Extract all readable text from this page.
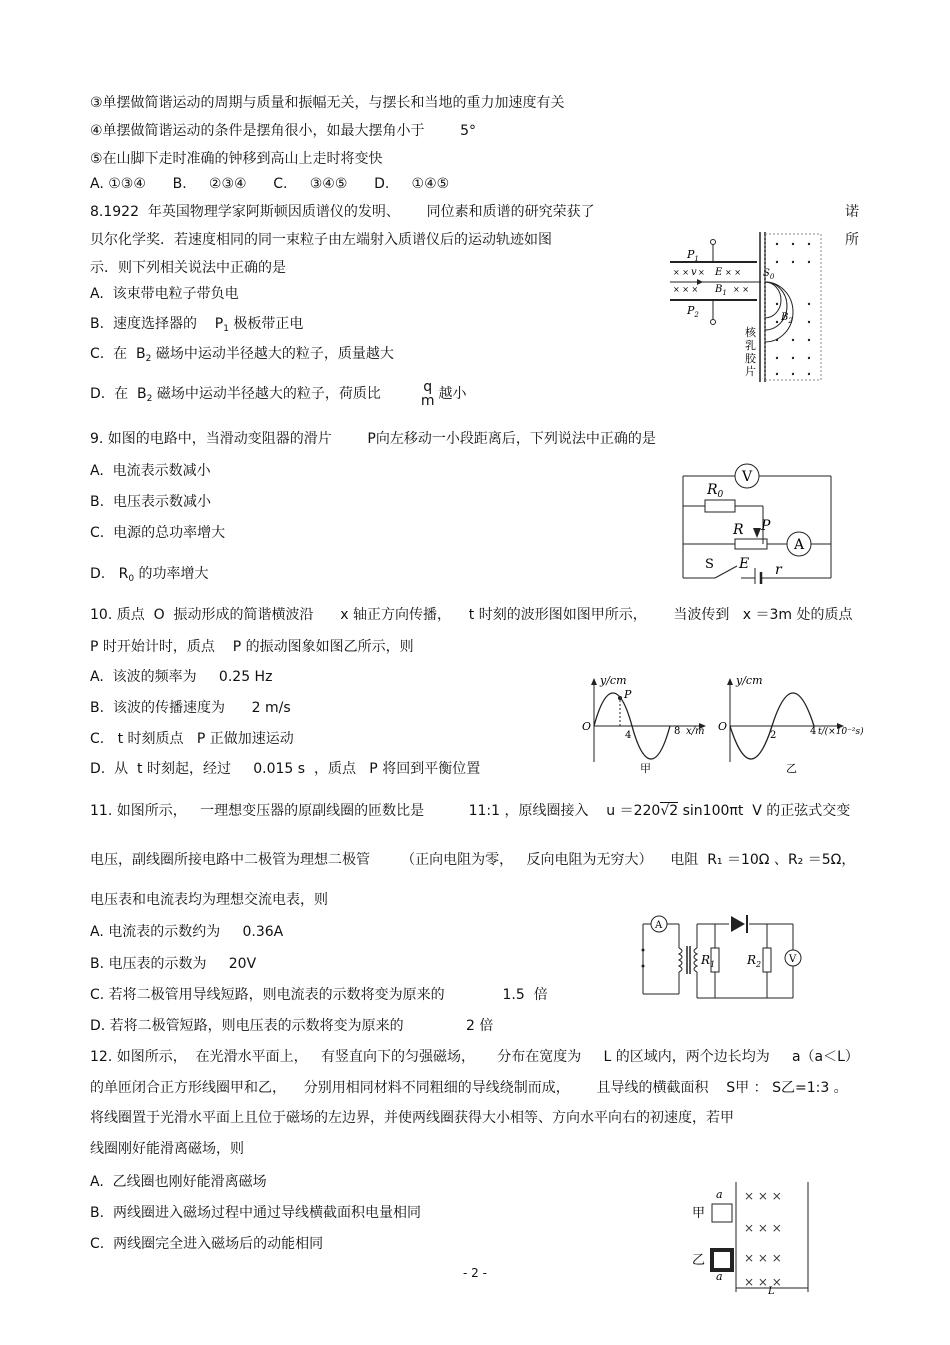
③单摆做简谐运动的周期与质量和振幅无关，与摆长和当地的重力加速度有关
④单摆做简谐运动的条件是摆角很小，如最大摆角小于        5°
⑤在山脚下走时准确的钟移到高山上走时将变快
A. ①③④      B.     ②③④      C.     ③④⑤      D.     ①④⑤
8.1922  年英国物理学家阿斯顿因质谱仪的发明、      同位素和质谱的研究荣获了	诺
贝尔化学奖．若速度相同的同一束粒子由左端射入质谱仪后的运动轨迹如图	所
示．则下列相关说法中正确的是
A.  该束带电粒子带负电
B.  速度选择器的    $P_1$ 极板带正电
C.  在  $B_2$ 磁场中运动半径越大的粒子，质量越大
D.  在  $B_2$ 磁场中运动半径越大的粒子，荷质比	q
m 越小
$P_1$
$P_2$
× × v × E × ×
× × × $B_1$ × ×
$S_0$
$B_2$
核
乳
胶
片
9. 如图的电路中，当滑动变阻器的滑片        P向左移动一小段距离后，下列说法中正确的是
A.  电流表示数减小
B.  电压表示数减小
C.  电源的总功率增大
D.   $R_0$ 的功率增大
V
A
$R_0$
R P
S E r
10. 质点  O  振动形成的简谐横波沿      x 轴正方向传播，    t 时刻的波形图如图甲所示，      当波传到   x ＝3m 处的质点
P 时开始计时，质点    P 的振动图象如图乙所示，则
A.  该波的频率为     0.25 Hz
B.  该波的传播速度为      2 m/s
C.   t 时刻质点   P 正做加速运动
D.  从  t 时刻起，经过     0.015 s  ，质点   P 将回到平衡位置
y/cm
P
O
4	8 x/m
甲
y/cm
O
2	4 t/(×10⁻²s)
乙
11. 如图所示，   一理想变压器的原副线圈的匝数比是          11:1 ，原线圈接入    u ＝220√2 sin100πt  V 的正弦式交变
电压，副线圈所接电路中二极管为理想二极管       （正向电阻为零，   反向电阻为无穷大）    电阻  R₁ ＝10Ω 、R₂ ＝5Ω，
电压表和电流表均为理想交流电表，则
A. 电流表的示数约为     0.36A
B. 电压表的示数为     20V
C. 若将二极管用导线短路，则电流表的示数将变为原来的             1.5  倍
D. 若将二极管短路，则电压表的示数将变为原来的              2 倍
A
V
$R_1$	$R_2$
12. 如图所示，  在光滑水平面上，   有竖直向下的匀强磁场，     分布在宽度为     L 的区域内，两个边长均为     a（a＜L）
的单匝闭合正方形线圈甲和乙，    分别用相同材料不同粗细的导线绕制而成，      且导线的横截面积    S甲 ： S乙=1:3 。
将线圈置于光滑水平面上且位于磁场的左边界，并使两线圈获得大小相等、方向水平向右的初速度，若甲
线圈刚好能滑离磁场，则
A.  乙线圈也刚好能滑离磁场
B.  两线圈进入磁场过程中通过导线横截面积电量相同
C.  两线圈完全进入磁场后的动能相同
a
a
甲
乙
L
× × ×
× × ×
× × ×
× × ×
- 2 -
